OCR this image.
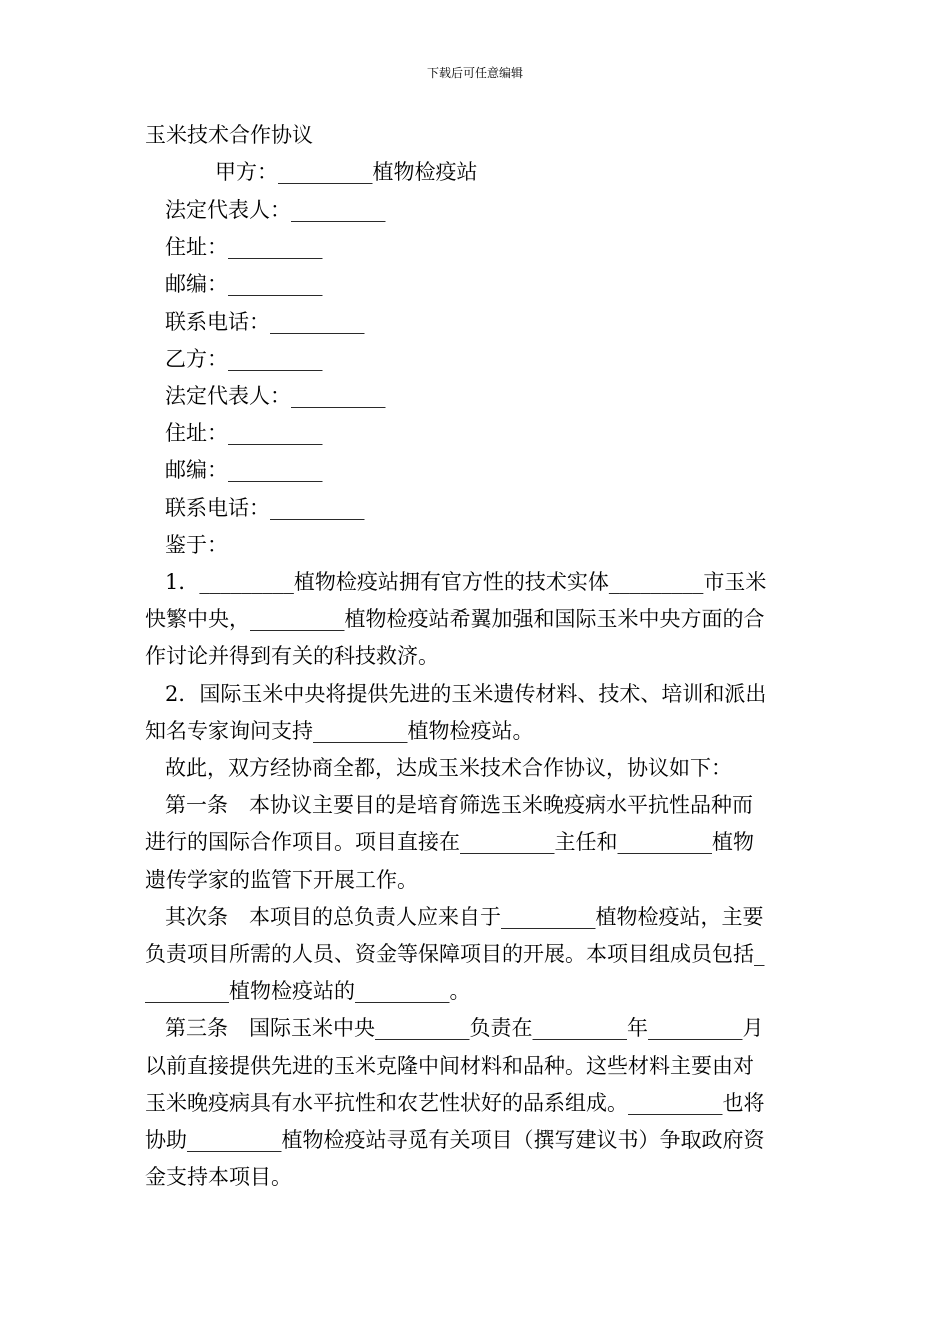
下载后可任意编辑
玉米技术合作协议
甲方：_________植物检疫站
法定代表人：_________
住址：_________
邮编：_________
联系电话：_________
乙方：_________
法定代表人：_________
住址：_________
邮编：_________
联系电话：_________
鉴于：
1．_________植物检疫站拥有官方性的技术实体_________市玉米
快繁中央，_________植物检疫站希翼加强和国际玉米中央方面的合
作讨论并得到有关的科技救济。
2．国际玉米中央将提供先进的玉米遗传材料、技术、培训和派出
知名专家询问支持_________植物检疫站。
故此，双方经协商全都，达成玉米技术合作协议，协议如下：
第一条　本协议主要目的是培育筛选玉米晚疫病水平抗性品种而
进行的国际合作项目。项目直接在_________主任和_________植物
遗传学家的监管下开展工作。
其次条　本项目的总负责人应来自于_________植物检疫站，主要
负责项目所需的人员、资金等保障项目的开展。本项目组成员包括_
________植物检疫站的_________。
第三条　国际玉米中央_________负责在_________年_________月
以前直接提供先进的玉米克隆中间材料和品种。这些材料主要由对
玉米晚疫病具有水平抗性和农艺性状好的品系组成。_________也将
协助_________植物检疫站寻觅有关项目（撰写建议书）争取政府资
金支持本项目。
